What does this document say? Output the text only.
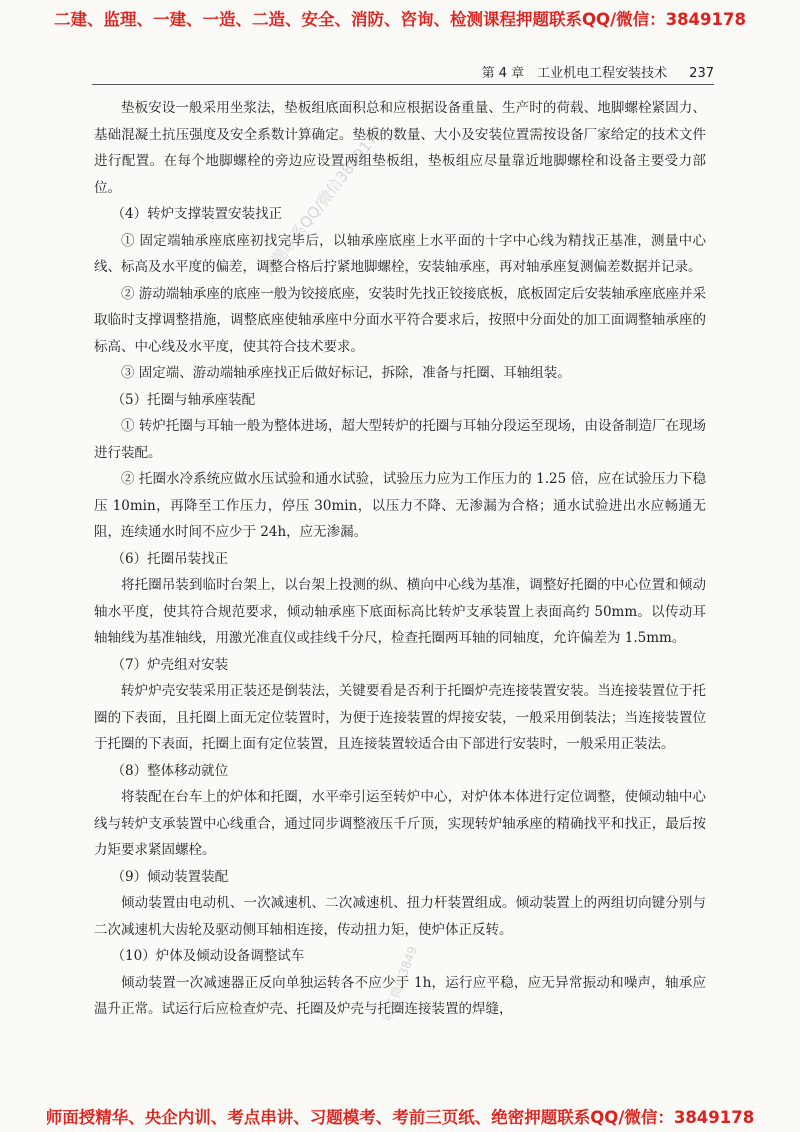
二建、监理、一建、一造、二造、安全、消防、咨询、检测课程押题联系QQ/微信：3849178
第 4 章　工业机电工程安装技术 237

垫板安设一般采用坐浆法，垫板组底面积总和应根据设备重量、生产时的荷载、地脚螺栓紧固力、基础混凝土抗压强度及安全系数计算确定。垫板的数量、大小及安装位置需按设备厂家给定的技术文件进行配置。在每个地脚螺栓的旁边应设置两组垫板组，垫板组应尽量靠近地脚螺栓和设备主要受力部位。

（4）转炉支撑装置安装找正

① 固定端轴承座底座初找完毕后，以轴承座底座上水平面的十字中心线为精找正基准，测量中心线、标高及水平度的偏差，调整合格后拧紧地脚螺栓，安装轴承座，再对轴承座复测偏差数据并记录。

② 游动端轴承座的底座一般为铰接底座，安装时先找正铰接底板，底板固定后安装轴承座底座并采取临时支撑调整措施，调整底座使轴承座中分面水平符合要求后，按照中分面处的加工面调整轴承座的标高、中心线及水平度，使其符合技术要求。

③ 固定端、游动端轴承座找正后做好标记，拆除，准备与托圈、耳轴组装。

（5）托圈与轴承座装配

① 转炉托圈与耳轴一般为整体进场，超大型转炉的托圈与耳轴分段运至现场，由设备制造厂在现场进行装配。

② 托圈水冷系统应做水压试验和通水试验，试验压力应为工作压力的 1.25 倍，应在试验压力下稳压 10min，再降至工作压力，停压 30min，以压力不降、无渗漏为合格；通水试验进出水应畅通无阻，连续通水时间不应少于 24h，应无渗漏。

（6）托圈吊装找正

将托圈吊装到临时台架上，以台架上投测的纵、横向中心线为基准，调整好托圈的中心位置和倾动轴水平度，使其符合规范要求，倾动轴承座下底面标高比转炉支承装置上表面高约 50mm。以传动耳轴轴线为基准轴线，用激光准直仪或挂线千分尺，检查托圈两耳轴的同轴度，允许偏差为 1.5mm。

（7）炉壳组对安装

转炉炉壳安装采用正装还是倒装法，关键要看是否利于托圈炉壳连接装置安装。当连接装置位于托圈的下表面，且托圈上面无定位装置时，为便于连接装置的焊接安装，一般采用倒装法；当连接装置位于托圈的下表面，托圈上面有定位装置，且连接装置较适合由下部进行安装时，一般采用正装法。

（8）整体移动就位

将装配在台车上的炉体和托圈，水平牵引运至转炉中心，对炉体本体进行定位调整，使倾动轴中心线与转炉支承装置中心线重合，通过同步调整液压千斤顶，实现转炉轴承座的精确找平和找正，最后按力矩要求紧固螺栓。

（9）倾动装置装配

倾动装置由电动机、一次减速机、二次减速机、扭力杆装置组成。倾动装置上的两组切向键分别与二次减速机大齿轮及驱动侧耳轴相连接，传动扭力矩，使炉体正反转。

（10）炉体及倾动设备调整试车

倾动装置一次减速器正反向单独运转各不应少于 1h，运行应平稳，应无异常振动和噪声，轴承应温升正常。试运行后应检查炉壳、托圈及炉壳与托圈连接装置的焊缝，

押题联系QQ/微信3849178
联系微信3849
师面授精华、央企内训、考点串讲、习题模考、考前三页纸、绝密押题联系QQ/微信：3849178
